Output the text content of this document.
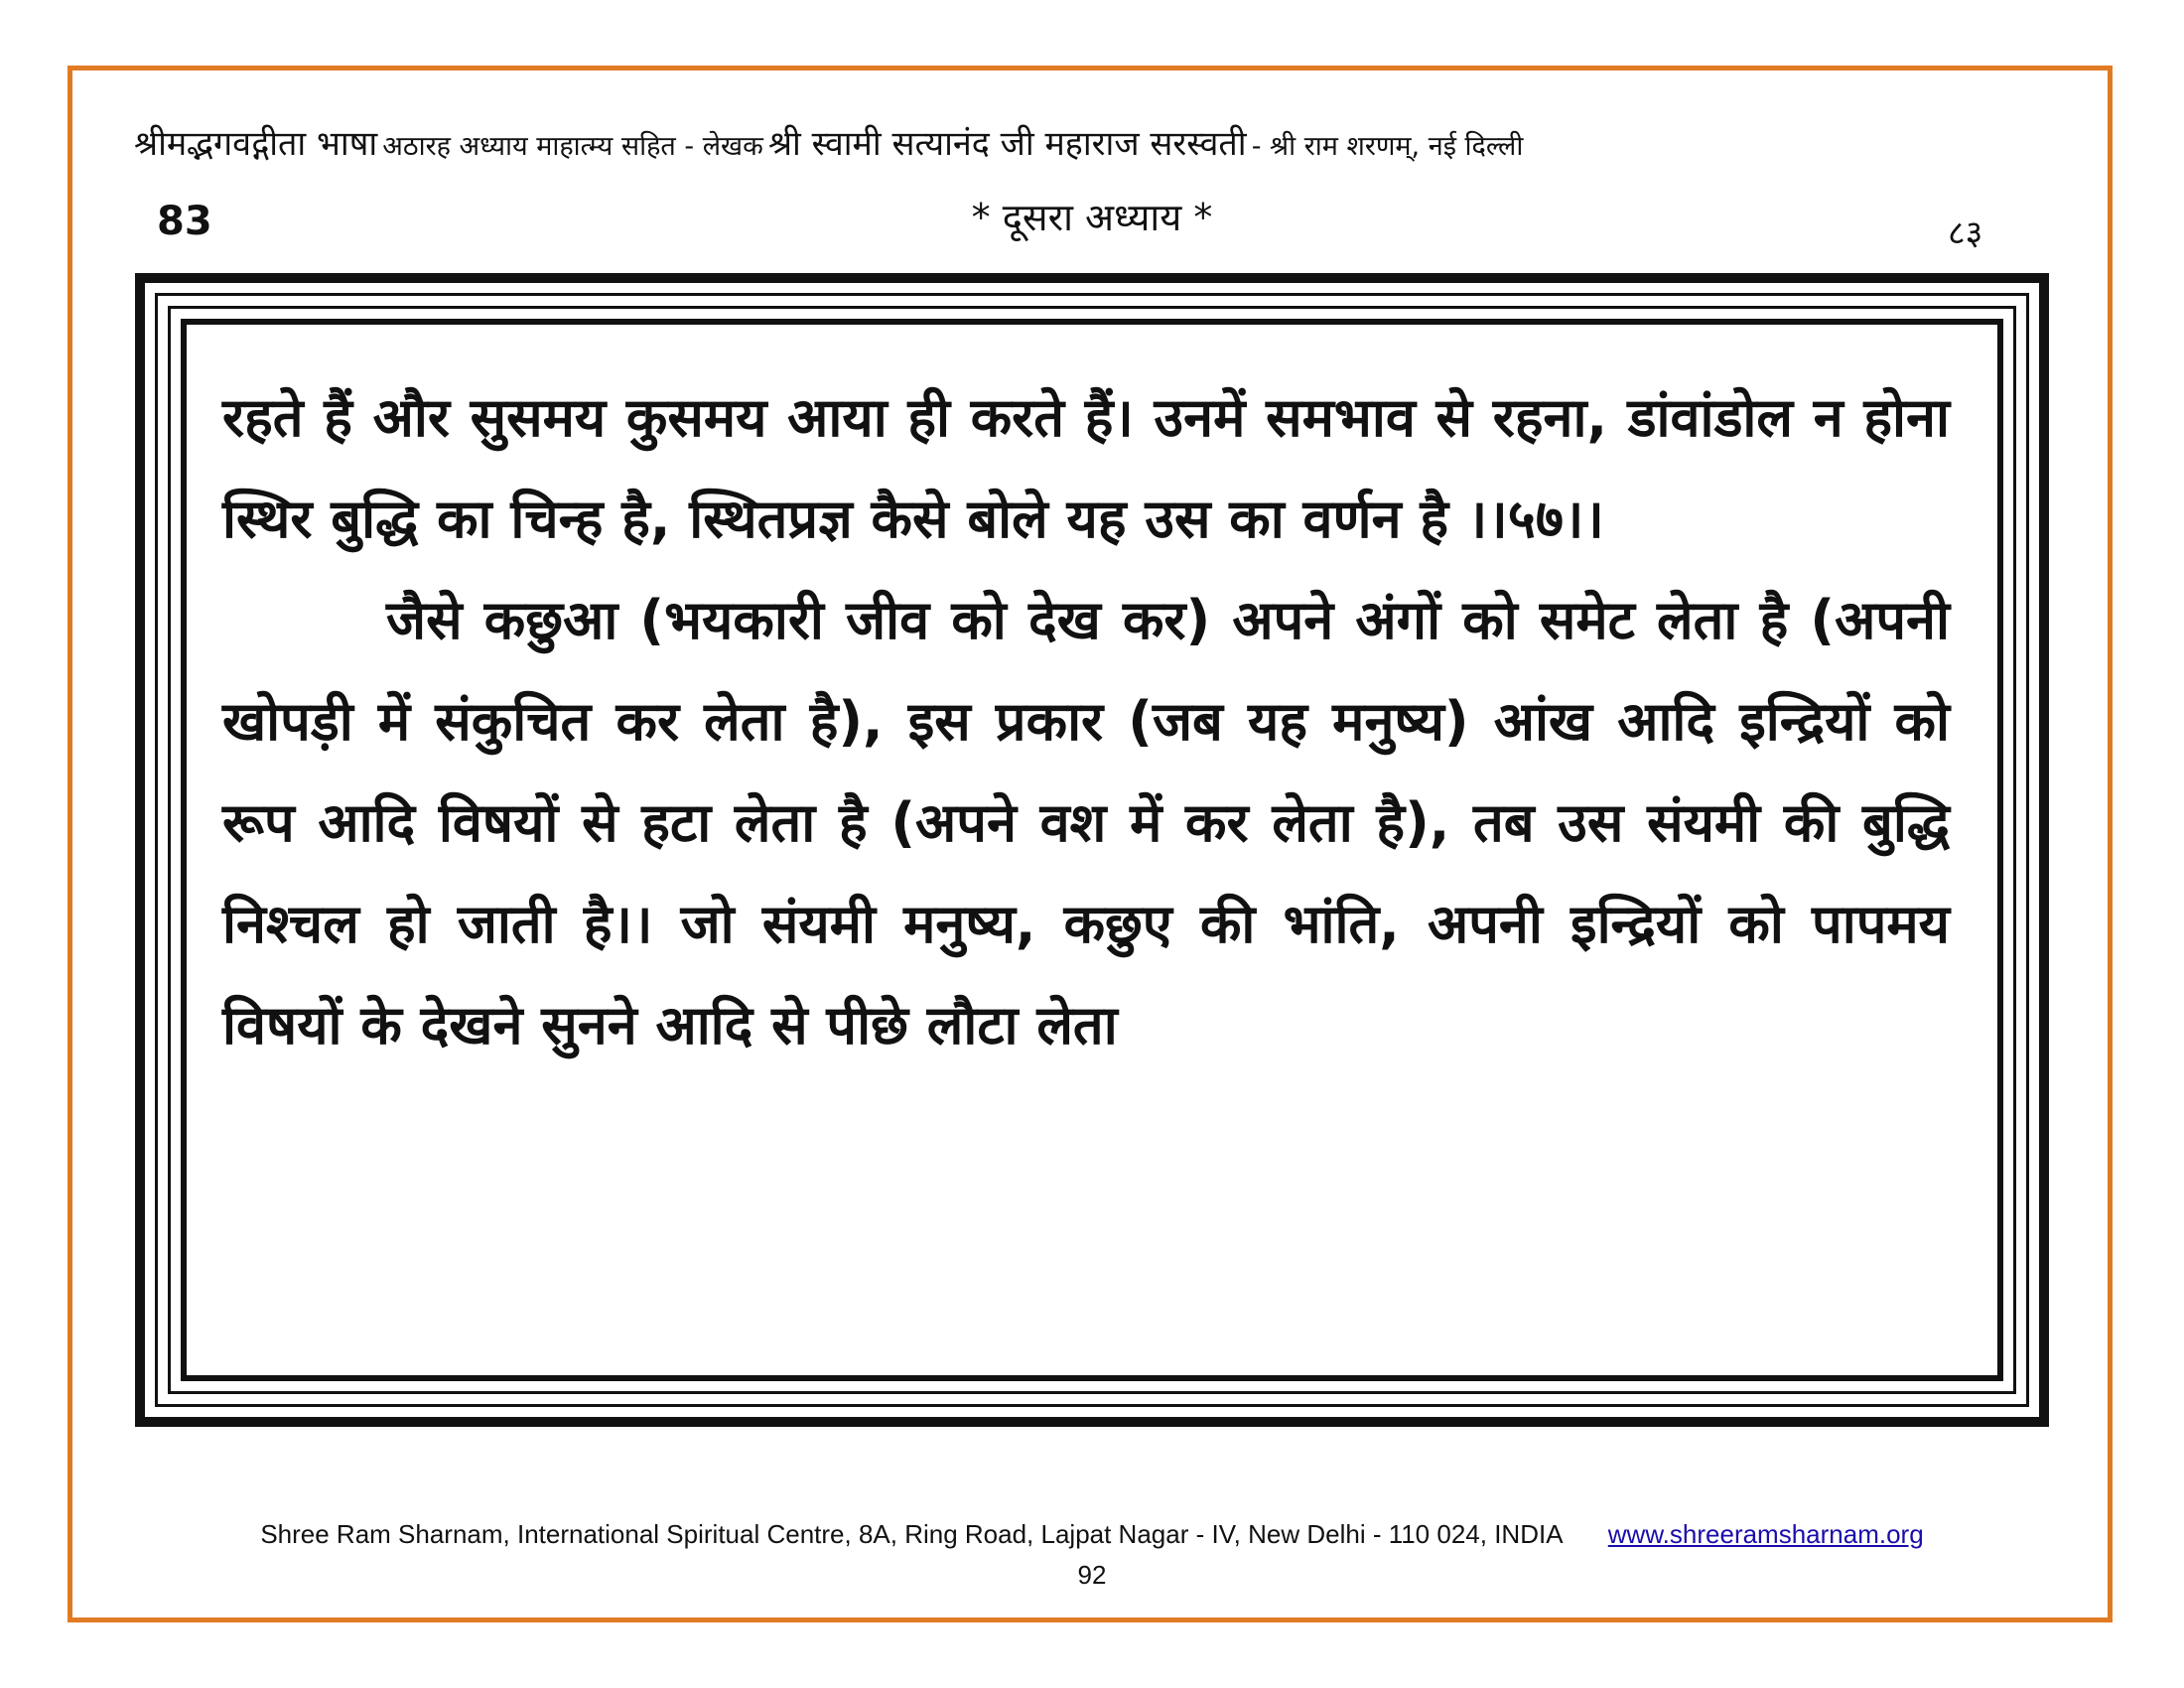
श्रीमद्भगवद्गीता भाषा अठारह अध्याय माहात्म्य सहित - लेखक श्री स्वामी सत्यानंद जी महाराज सरस्वती - श्री राम शरणम्, नई दिल्ली
83	* दूसरा अध्याय *	८३

रहते हैं और सुसमय कुसमय आया ही करते हैं। उनमें समभाव से रहना, डांवांडोल न होना स्थिर बुद्धि का चिन्ह है, स्थितप्रज्ञ कैसे बोले यह उस का वर्णन है ।।५७।।

जैसे कछुआ (भयकारी जीव को देख कर) अपने अंगों को समेट लेता है (अपनी खोपड़ी में संकुचित कर लेता है), इस प्रकार (जब यह मनुष्य) आंख आदि इन्द्रियों को रूप आदि विषयों से हटा लेता है (अपने वश में कर लेता है), तब उस संयमी की बुद्धि निश्चल हो जाती है।। जो संयमी मनुष्य, कछुए की भांति, अपनी इन्द्रियों को पापमय विषयों के देखने सुनने आदि से पीछे लौटा लेता

Shree Ram Sharnam, International Spiritual Centre, 8A, Ring Road, Lajpat Nagar - IV, New Delhi - 110 024, INDIA www.shreeramsharnam.org
92
